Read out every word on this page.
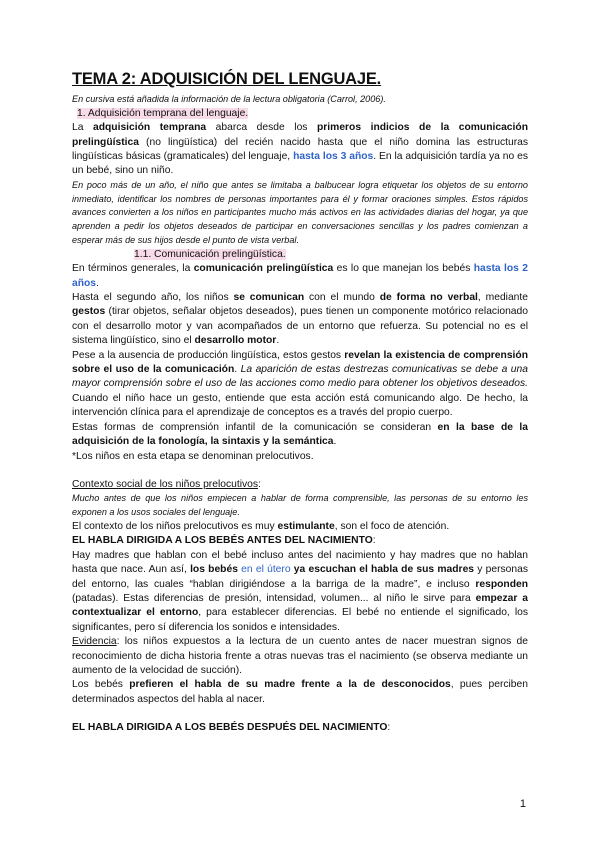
TEMA 2: ADQUISICIÓN DEL LENGUAJE.

En cursiva está añadida la información de la lectura obligatoria (Carrol, 2006).

1. Adquisición temprana del lenguaje.

La adquisición temprana abarca desde los primeros indicios de la comunicación prelingüística (no lingüística) del recién nacido hasta que el niño domina las estructuras lingüísticas básicas (gramaticales) del lenguaje, hasta los 3 años. En la adquisición tardía ya no es un bebé, sino un niño.

En poco más de un año, el niño que antes se limitaba a balbucear logra etiquetar los objetos de su entorno inmediato, identificar los nombres de personas importantes para él y formar oraciones simples. Estos rápidos avances convierten a los niños en participantes mucho más activos en las actividades diarias del hogar, ya que aprenden a pedir los objetos deseados de participar en conversaciones sencillas y los padres comienzan a esperar más de sus hijos desde el punto de vista verbal.

1.1. Comunicación prelingüística.

En términos generales, la comunicación prelingüística es lo que manejan los bebés hasta los 2 años.

Hasta el segundo año, los niños se comunican con el mundo de forma no verbal, mediante gestos (tirar objetos, señalar objetos deseados), pues tienen un componente motórico relacionado con el desarrollo motor y van acompañados de un entorno que refuerza. Su potencial no es el sistema lingüístico, sino el desarrollo motor.

Pese a la ausencia de producción lingüística, estos gestos revelan la existencia de comprensión sobre el uso de la comunicación. La aparición de estas destrezas comunicativas se debe a una mayor comprensión sobre el uso de las acciones como medio para obtener los objetivos deseados. Cuando el niño hace un gesto, entiende que esta acción está comunicando algo. De hecho, la intervención clínica para el aprendizaje de conceptos es a través del propio cuerpo.

Estas formas de comprensión infantil de la comunicación se consideran en la base de la adquisición de la fonología, la sintaxis y la semántica.

*Los niños en esta etapa se denominan prelocutivos.

Contexto social de los niños prelocutivos:

Mucho antes de que los niños empiecen a hablar de forma comprensible, las personas de su entorno les exponen a los usos sociales del lenguaje.

El contexto de los niños prelocutivos es muy estimulante, son el foco de atención.

EL HABLA DIRIGIDA A LOS BEBÉS ANTES DEL NACIMIENTO:

Hay madres que hablan con el bebé incluso antes del nacimiento y hay madres que no hablan hasta que nace. Aun así, los bebés en el útero ya escuchan el habla de sus madres y personas del entorno, las cuales “hablan dirigiéndose a la barriga de la madre”, e incluso responden (patadas). Estas diferencias de presión, intensidad, volumen... al niño le sirve para empezar a contextualizar el entorno, para establecer diferencias. El bebé no entiende el significado, los significantes, pero sí diferencia los sonidos e intensidades.

Evidencia: los niños expuestos a la lectura de un cuento antes de nacer muestran signos de reconocimiento de dicha historia frente a otras nuevas tras el nacimiento (se observa mediante un aumento de la velocidad de succión).

Los bebés prefieren el habla de su madre frente a la de desconocidos, pues perciben determinados aspectos del habla al nacer.

EL HABLA DIRIGIDA A LOS BEBÉS DESPUÉS DEL NACIMIENTO:

1
